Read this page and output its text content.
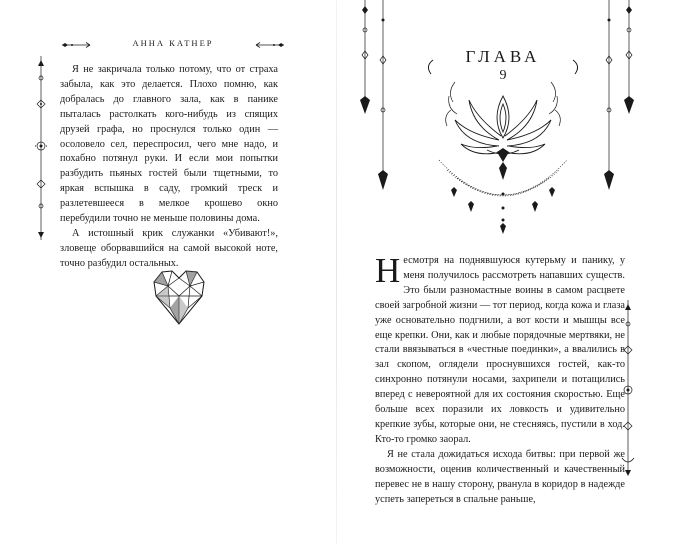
АННА КАТНЕР

Я не закричала только потому, что от страха забыла, как это делается. Плохо помню, как добралась до главного зала, как в панике пыталась растолкать кого-нибудь из спящих друзей графа, но проснулся только один — осоловело сел, переспросил, чего мне надо, и похабно потянул руки. И если мои попытки разбудить пьяных гостей были тщетными, то яркая вспышка в саду, громкий треск и разлетевшееся в мелкое крошево окно перебудили точно не меньше половины дома.

А истошный крик служанки «Убивают!», зловеще оборвавшийся на самой высокой ноте, точно разбудил остальных.

ГЛАВА
9

Несмотря на поднявшуюся кутерьму и панику, у меня получилось рассмотреть напавших существ. Это были разномастные воины в самом расцвете своей загробной жизни — тот период, когда кожа и глаза уже основательно подгнили, а вот кости и мышцы все еще крепки. Они, как и любые порядочные мертвяки, не стали ввязываться в «честные поединки», а ввалились в зал скопом, оглядели проснувшихся гостей, как-то синхронно потянули носами, захрипели и потащились вперед с невероятной для их состояния скоростью. Еще больше всех поразили их ловкость и удивительно крепкие зубы, которые они, не стесняясь, пустили в ход. Кто-то громко заорал.

Я не стала дожидаться исхода битвы: при первой же возможности, оценив количественный и качественный перевес не в нашу сторону, рванула в коридор в надежде успеть запереться в спальне раньше,
